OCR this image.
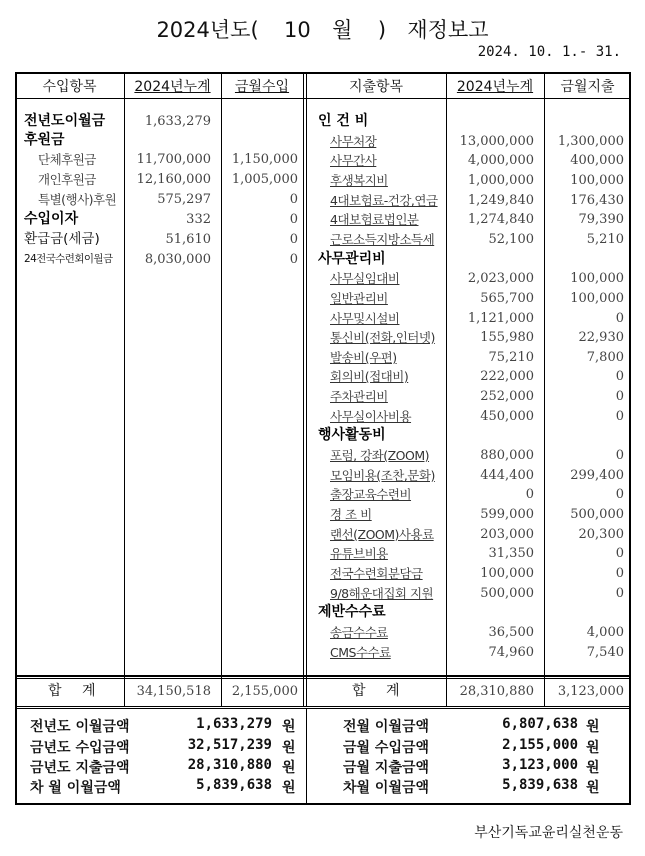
2024년도( 10 월 ) 재정보고
2024. 10. 1.- 31.
수입항목	2024년누계	금월수입	지출항목	2024년누계	금월지출
전년도이월금	1,633,279
후원금
단체후원금	11,700,000	1,150,000
개인후원금	12,160,000	1,005,000
특별(행사)후원	575,297	0
수입이자	332	0
환급금(세금)	51,610	0
24전국수련회이월금	8,030,000	0
인 건 비
사무처장	13,000,000	1,300,000
사무간사	4,000,000	400,000
후생복지비	1,000,000	100,000
4대보험료-건강,연금	1,249,840	176,430
4대보험료법인분	1,274,840	79,390
근로소득지방소득세	52,100	5,210
사무관리비
사무실임대비	2,023,000	100,000
일반관리비	565,700	100,000
사무및시설비	1,121,000	0
통신비(전화,인터넷)	155,980	22,930
발송비(우편)	75,210	7,800
회의비(접대비)	222,000	0
주차관리비	252,000	0
사무실이사비용	450,000	0
행사활동비
포럼, 강좌(ZOOM)	880,000	0
모임비용(조찬,문화)	444,400	299,400
출장교육수련비	0	0
경 조 비	599,000	500,000
랜선(ZOOM)사용료	203,000	20,300
유튜브비용	31,350	0
전국수련회분담금	100,000	0
9/8해운대집회 지원	500,000	0
제반수수료
송금수수료	36,500	4,000
CMS수수료	74,960	7,540
합 계	34,150,518	2,155,000	합 계	28,310,880	3,123,000
전년도 이월금액	1,633,279 원
금년도 수입금액	32,517,239 원
금년도 지출금액	28,310,880 원
차 월 이월금액	5,839,638 원
전월 이월금액	6,807,638 원
금월 수입금액	2,155,000 원
금월 지출금액	3,123,000 원
차월 이월금액	5,839,638 원
부산기독교윤리실천운동
